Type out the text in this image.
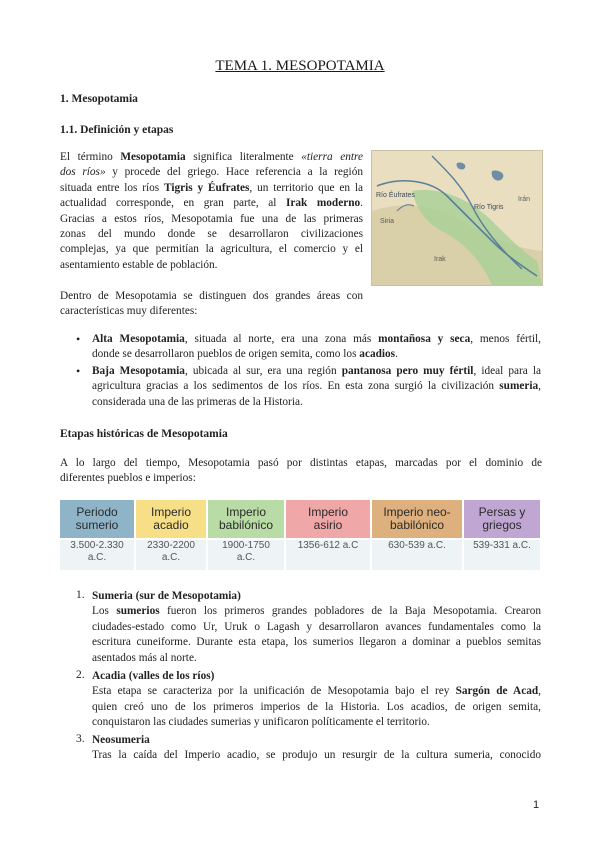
TEMA 1. MESOPOTAMIA
1. Mesopotamia
1.1. Definición y etapas
El término Mesopotamia significa literalmente «tierra entre
dos ríos» y procede del griego. Hace referencia a la región
situada entre los ríos Tigris y Éufrates, un territorio que en la
actualidad corresponde, en gran parte, al Irak moderno.
Gracias a estos ríos, Mesopotamia fue una de las primeras
zonas del mundo donde se desarrollaron civilizaciones
complejas, ya que permitían la agricultura, el comercio y el
asentamiento estable de población.
Río Éufrates
Río Tigris
Irán
Siria
Irak
Dentro de Mesopotamia se distinguen dos grandes áreas con
características muy diferentes:
• Alta Mesopotamia, situada al norte, era una zona más montañosa y seca, menos fértil,
donde se desarrollaron pueblos de origen semita, como los acadios.
• Baja Mesopotamia, ubicada al sur, era una región pantanosa pero muy fértil, ideal para la
agricultura gracias a los sedimentos de los ríos. En esta zona surgió la civilización sumeria,
considerada una de las primeras de la Historia.
Etapas históricas de Mesopotamia
A lo largo del tiempo, Mesopotamia pasó por distintas etapas, marcadas por el dominio de
diferentes pueblos e imperios:
Periodo
sumerio
Imperio
acadio
Imperio
babilónico
Imperio
asirio
Imperio neo-
babilónico
Persas y
griegos
3.500-2.330
a.C.
2330-2200
a.C.
1900-1750
a.C.
1356-612 a.C	630-539 a.C.	539-331 a.C.
1. Sumeria (sur de Mesopotamia)
Los sumerios fueron los primeros grandes pobladores de la Baja Mesopotamia. Crearon
ciudades-estado como Ur, Uruk o Lagash y desarrollaron avances fundamentales como la
escritura cuneiforme. Durante esta etapa, los sumerios llegaron a dominar a pueblos semitas
asentados más al norte.
2. Acadia (valles de los ríos)
Esta etapa se caracteriza por la unificación de Mesopotamia bajo el rey Sargón de Acad,
quien creó uno de los primeros imperios de la Historia. Los acadios, de origen semita,
conquistaron las ciudades sumerias y unificaron políticamente el territorio.
3. Neosumeria
Tras la caída del Imperio acadio, se produjo un resurgir de la cultura sumeria, conocido
1
